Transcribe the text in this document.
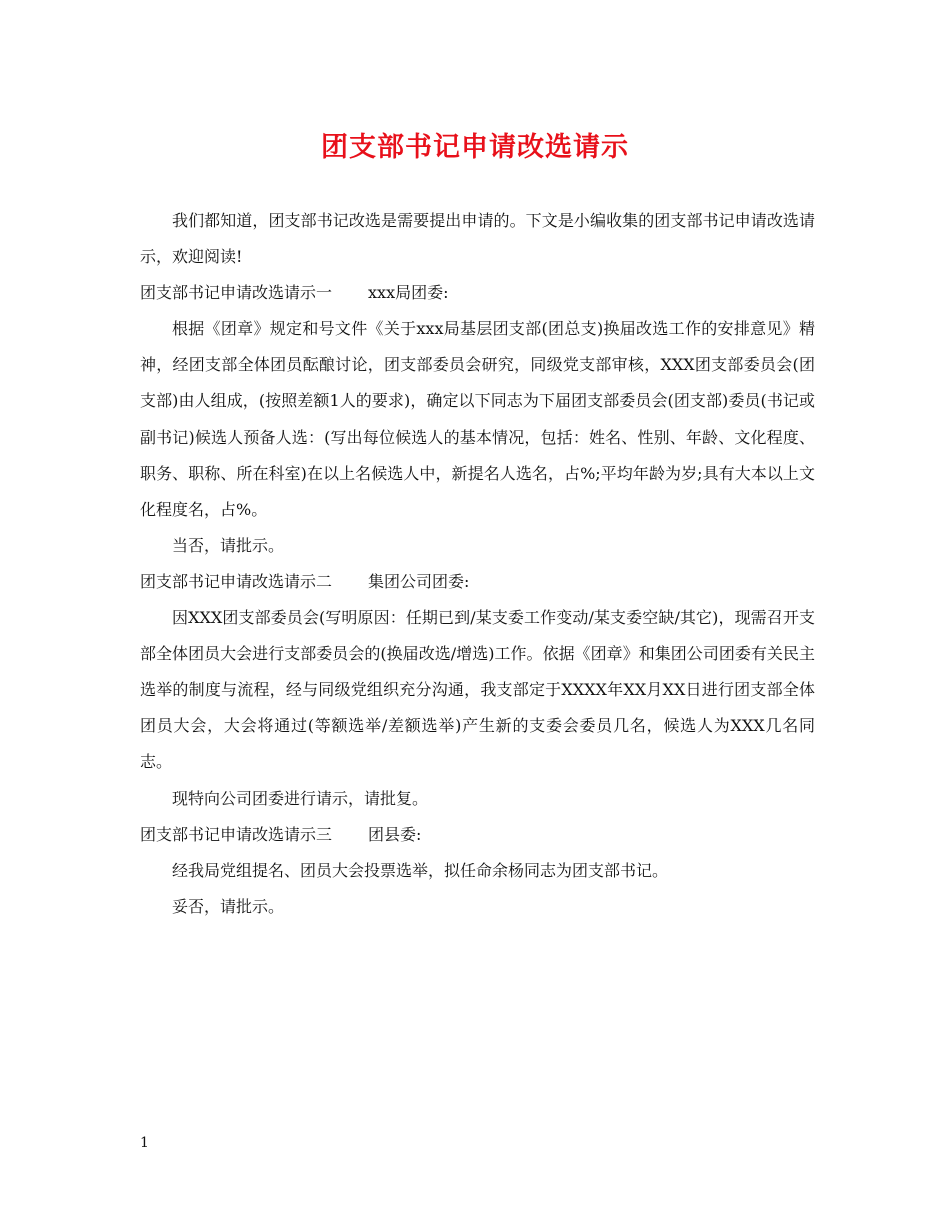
团支部书记申请改选请示

我们都知道，团支部书记改选是需要提出申请的。下文是小编收集的团支部书记申请改选请示，欢迎阅读!

团支部书记申请改选请示一 xxx局团委:

根据《团章》规定和号文件《关于xxx局基层团支部(团总支)换届改选工作的安排意见》精神，经团支部全体团员酝酿讨论，团支部委员会研究，同级党支部审核，XXX团支部委员会(团支部)由人组成，(按照差额1人的要求)，确定以下同志为下届团支部委员会(团支部)委员(书记或副书记)候选人预备人选：(写出每位候选人的基本情况，包括：姓名、性别、年龄、文化程度、职务、职称、所在科室)在以上名候选人中，新提名人选名，占%;平均年龄为岁;具有大本以上文化程度名，占%。

当否，请批示。

团支部书记申请改选请示二 集团公司团委:

因XXX团支部委员会(写明原因：任期已到/某支委工作变动/某支委空缺/其它)，现需召开支部全体团员大会进行支部委员会的(换届改选/增选)工作。依据《团章》和集团公司团委有关民主选举的制度与流程，经与同级党组织充分沟通，我支部定于XXXX年XX月XX日进行团支部全体团员大会，大会将通过(等额选举/差额选举)产生新的支委会委员几名，候选人为XXX几名同志。

现特向公司团委进行请示，请批复。

团支部书记申请改选请示三 团县委:

经我局党组提名、团员大会投票选举，拟任命余杨同志为团支部书记。

妥否，请批示。

1
